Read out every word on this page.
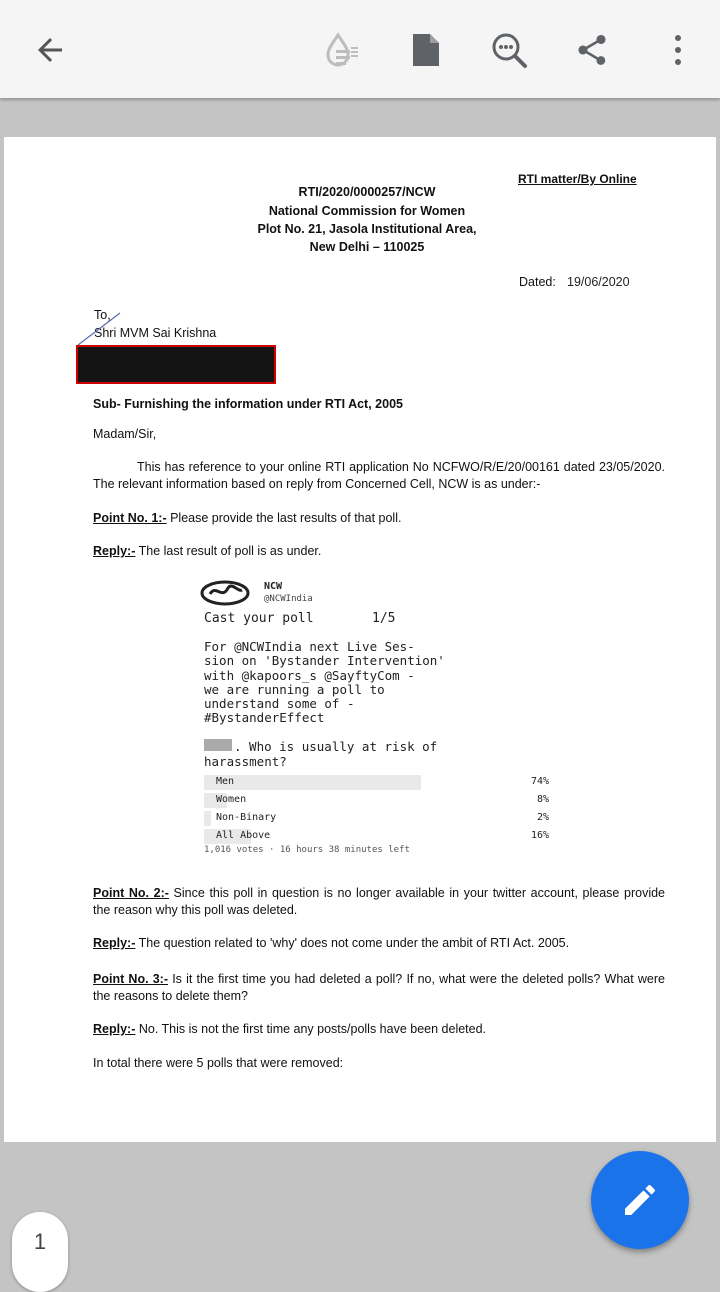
RTI matter/By Online
RTI/2020/0000257/NCW
National Commission for Women
Plot No. 21, Jasola Institutional Area,
New Delhi – 110025
Dated: 19/06/2020
To,
Shri MVM Sai Krishna
Sub- Furnishing the information under RTI Act, 2005
Madam/Sir,
This has reference to your online RTI application No NCFWO/R/E/20/00161 dated 23/05/2020. The relevant information based on reply from Concerned Cell, NCW is as under:-
Point No. 1:- Please provide the last results of that poll.
Reply:- The last result of poll is as under.
NCW
@NCWIndia
Cast your poll	1/5
For @NCWIndia next Live Ses-
sion on 'Bystander Intervention'
with @kapoors_s @SayftyCom -
we are running a poll to
understand some of -
#BystanderEffect
. Who is usually at risk of
harassment?
Men	74%
Women	8%
Non-Binary	2%
All Above	16%
1,016 votes · 16 hours 38 minutes left
Point No. 2:- Since this poll in question is no longer available in your twitter account, please provide the reason why this poll was deleted.
Reply:- The question related to 'why' does not come under the ambit of RTI Act. 2005.
Point No. 3:- Is it the first time you had deleted a poll? If no, what were the deleted polls? What were the reasons to delete them?
Reply:- No. This is not the first time any posts/polls have been deleted.
In total there were 5 polls that were removed:
1
